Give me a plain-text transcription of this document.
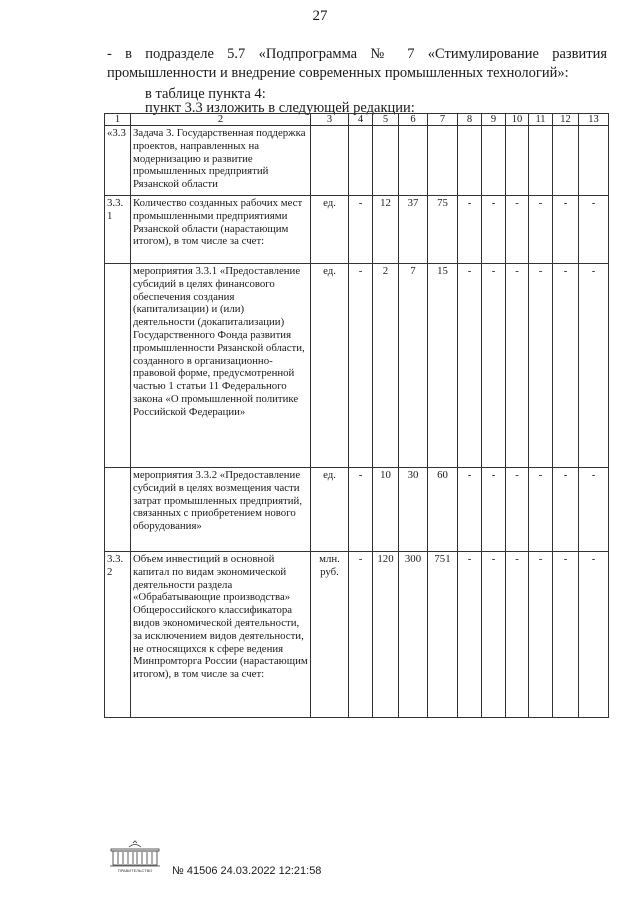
27
- в подразделе 5.7 «Подпрограмма № 7 «Стимулирование развития
промышленности и внедрение современных промышленных технологий»:
в таблице пункта 4:
пункт 3.3 изложить в следующей редакции:
1	2	3	4	5	6	7	8	9	10	11	12	13
«3.3	Задача 3. Государственная поддержка проектов, направленных на модернизацию и развитие промышленных предприятий Рязанской области											
3.3.1	Количество созданных рабочих мест промышленными предприятиями Рязанской области (нарастающим итогом), в том числе за счет:	ед.	-	12	37	75	-	-	-	-	-	-
	мероприятия 3.3.1 «Предоставление субсидий в целях финансового обеспечения создания (капитализации) и (или) деятельности (докапитализации) Государственного Фонда развития промышленности Рязанской области, созданного в организационно-правовой форме, предусмотренной частью 1 статьи 11 Федерального закона «О промышленной политике Российской Федерации»	ед.	-	2	7	15	-	-	-	-	-	-
	мероприятия 3.3.2 «Предоставление субсидий в целях возмещения части затрат промышленных предприятий, связанных с приобретением нового оборудования»	ед.	-	10	30	60	-	-	-	-	-	-
3.3.2	Объем инвестиций в основной капитал по видам экономической деятельности раздела «Обрабатывающие производства» Общероссийского классификатора видов экономической деятельности, за исключением видов деятельности, не относящихся к сфере ведения Минпромторга России (нарастающим итогом), в том числе за счет:	млн. руб.	-	120	300	751	-	-	-	-	-	-
ПРАВИТЕЛЬСТВО № 41506 24.03.2022 12:21:58
